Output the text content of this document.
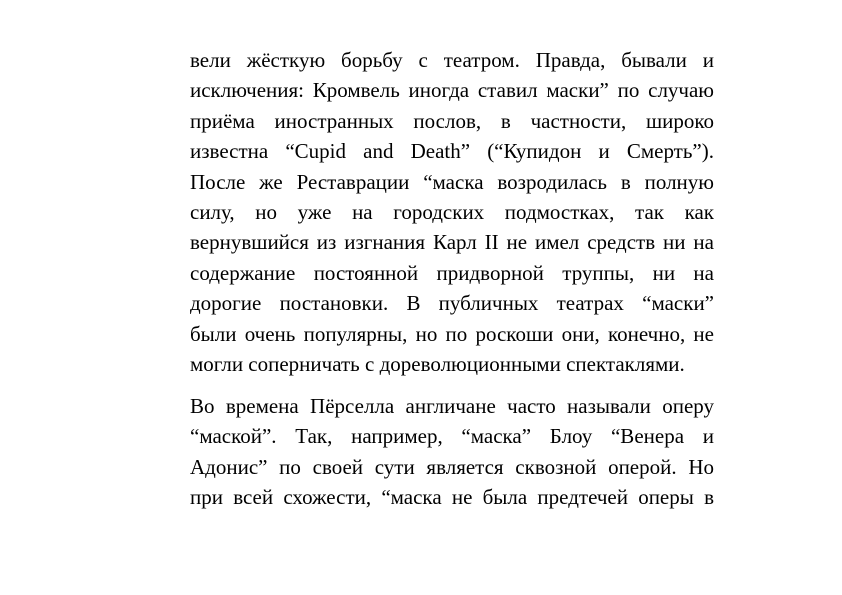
вели жёсткую борьбу с театром. Правда, бывали и
исключения: Кромвель иногда ставил маски” по случаю
приёма иностранных послов, в частности, широко
известна “Cupid and Death” (“Купидон и Смерть”).
После же Реставрации “маска возродилась в полную
силу, но уже на городских подмостках, так как
вернувшийся из изгнания Карл II не имел средств ни на
содержание постоянной придворной труппы, ни на
дорогие постановки. В публичных театрах “маски”
были очень популярны, но по роскоши они, конечно, не
могли соперничать с дореволюционными спектаклями.
Во времена Пёрселла англичане часто называли оперу
“маской”. Так, например, “маска” Блоу “Венера и
Адонис” по своей сути является сквозной оперой. Но
при всей схожести, “маска не была предтечей оперы в
